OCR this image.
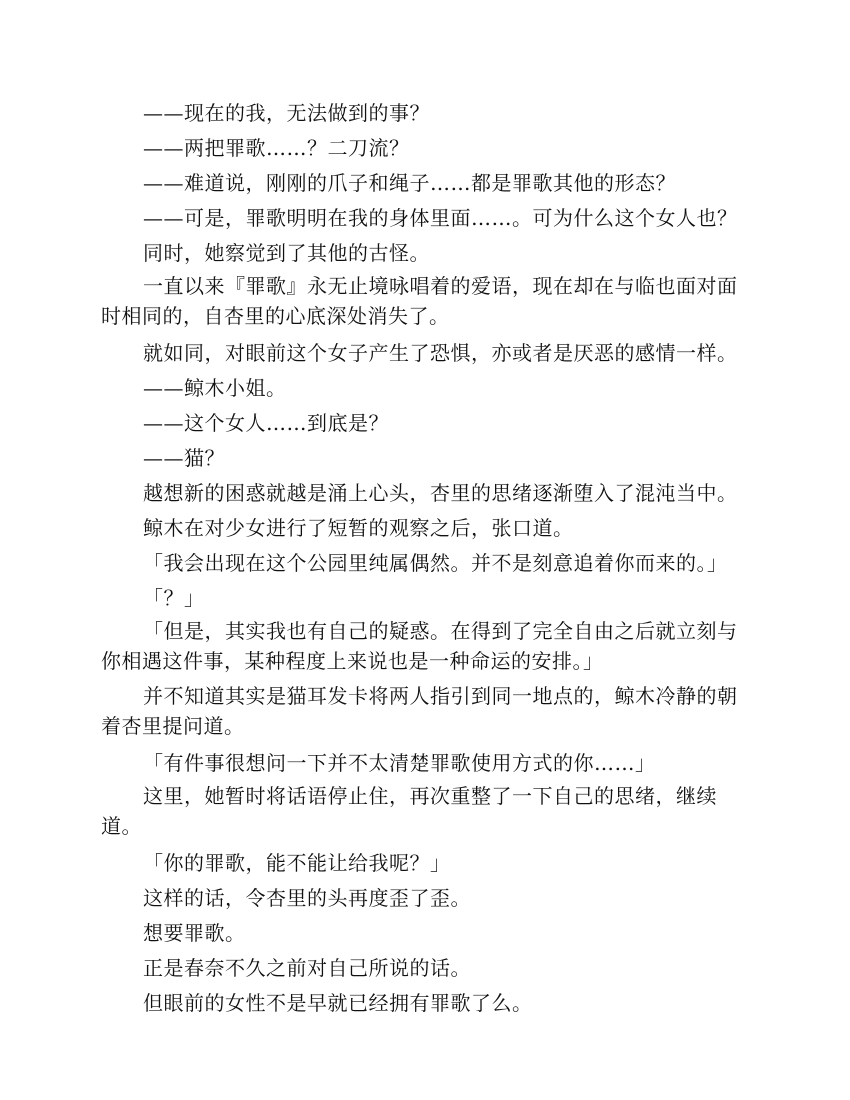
——现在的我，无法做到的事？

——两把罪歌……？二刀流？

——难道说，刚刚的爪子和绳子……都是罪歌其他的形态？

——可是，罪歌明明在我的身体里面……。可为什么这个女人也？

同时，她察觉到了其他的古怪。

一直以来『罪歌』永无止境咏唱着的爱语，现在却在与临也面对面时相同的，自杏里的心底深处消失了。

就如同，对眼前这个女子产生了恐惧，亦或者是厌恶的感情一样。

——鲸木小姐。

——这个女人……到底是？

——猫？

越想新的困惑就越是涌上心头，杏里的思绪逐渐堕入了混沌当中。

鲸木在对少女进行了短暂的观察之后，张口道。

「我会出现在这个公园里纯属偶然。并不是刻意追着你而来的。」

「？」

「但是，其实我也有自己的疑惑。在得到了完全自由之后就立刻与你相遇这件事，某种程度上来说也是一种命运的安排。」

并不知道其实是猫耳发卡将两人指引到同一地点的，鲸木冷静的朝着杏里提问道。

「有件事很想问一下并不太清楚罪歌使用方式的你……」

这里，她暂时将话语停止住，再次重整了一下自己的思绪，继续道。

「你的罪歌，能不能让给我呢？」

这样的话，令杏里的头再度歪了歪。

想要罪歌。

正是春奈不久之前对自己所说的话。

但眼前的女性不是早就已经拥有罪歌了么。
